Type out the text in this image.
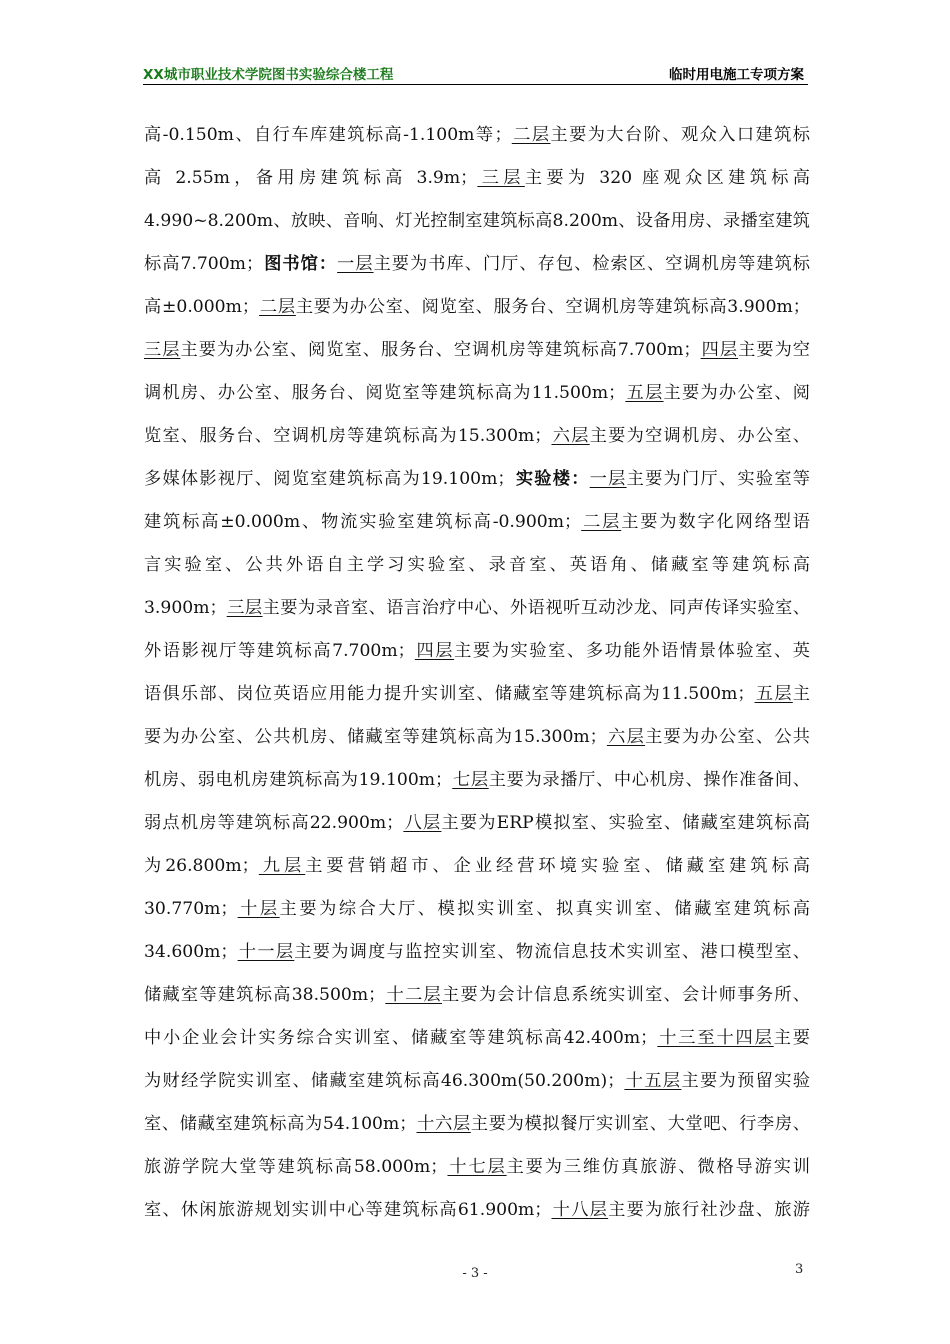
XX城市职业技术学院图书实验综合楼工程	临时用电施工专项方案
高-0.150m、自行车库建筑标高-1.100m等；二层主要为大台阶、观众入口建筑标
高 2.55m，备用房建筑标高 3.9m；三层主要为 320 座观众区建筑标高
4.990~8.200m、放映、音响、灯光控制室建筑标高8.200m、设备用房、录播室建筑
标高7.700m；图书馆：一层主要为书库、门厅、存包、检索区、空调机房等建筑标
高±0.000m；二层主要为办公室、阅览室、服务台、空调机房等建筑标高3.900m；
三层主要为办公室、阅览室、服务台、空调机房等建筑标高7.700m；四层主要为空
调机房、办公室、服务台、阅览室等建筑标高为11.500m；五层主要为办公室、阅
览室、服务台、空调机房等建筑标高为15.300m；六层主要为空调机房、办公室、
多媒体影视厅、阅览室建筑标高为19.100m；实验楼：一层主要为门厅、实验室等
建筑标高±0.000m、物流实验室建筑标高-0.900m；二层主要为数字化网络型语
言实验室、公共外语自主学习实验室、录音室、英语角、储藏室等建筑标高
3.900m；三层主要为录音室、语言治疗中心、外语视听互动沙龙、同声传译实验室、
外语影视厅等建筑标高7.700m；四层主要为实验室、多功能外语情景体验室、英
语俱乐部、岗位英语应用能力提升实训室、储藏室等建筑标高为11.500m；五层主
要为办公室、公共机房、储藏室等建筑标高为15.300m；六层主要为办公室、公共
机房、弱电机房建筑标高为19.100m；七层主要为录播厅、中心机房、操作准备间、
弱点机房等建筑标高22.900m；八层主要为ERP模拟室、实验室、储藏室建筑标高
为26.800m；九层主要营销超市、企业经营环境实验室、储藏室建筑标高
30.770m；十层主要为综合大厅、模拟实训室、拟真实训室、储藏室建筑标高
34.600m；十一层主要为调度与监控实训室、物流信息技术实训室、港口模型室、
储藏室等建筑标高38.500m；十二层主要为会计信息系统实训室、会计师事务所、
中小企业会计实务综合实训室、储藏室等建筑标高42.400m；十三至十四层主要
为财经学院实训室、储藏室建筑标高46.300m(50.200m)；十五层主要为预留实验
室、储藏室建筑标高为54.100m；十六层主要为模拟餐厅实训室、大堂吧、行李房、
旅游学院大堂等建筑标高58.000m；十七层主要为三维仿真旅游、微格导游实训
室、休闲旅游规划实训中心等建筑标高61.900m；十八层主要为旅行社沙盘、旅游
- 3 -	3
